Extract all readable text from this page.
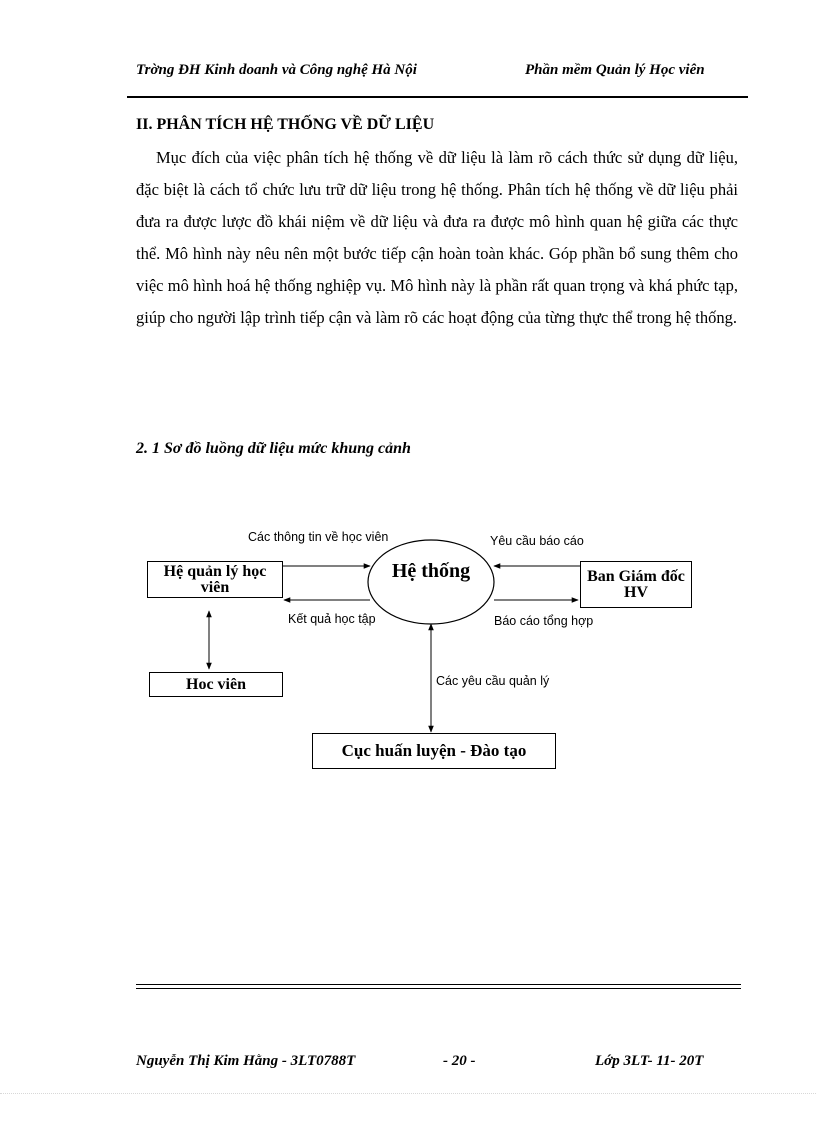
Trờng ĐH Kinh doanh và Công nghệ Hà Nội	Phần mềm Quản lý Học viên
II. PHÂN TÍCH HỆ THỐNG VỀ DỮ LIỆU
Mục đích của việc phân tích hệ thống về dữ liệu là làm rõ cách thức sử dụng dữ liệu, đặc biệt là cách tổ chức lưu trữ dữ liệu trong hệ thống. Phân tích hệ thống về dữ liệu phải đưa ra được lược đồ khái niệm về dữ liệu và đưa ra được mô hình quan hệ giữa các thực thể. Mô hình này nêu nên một bước tiếp cận hoàn toàn khác. Góp phần bổ sung thêm cho việc mô hình hoá hệ thống nghiệp vụ. Mô hình này là phần rất quan trọng và khá phức tạp, giúp cho người lập trình tiếp cận và làm rõ các hoạt động của từng thực thể trong hệ thống.
2. 1 Sơ đồ luồng dữ liệu mức khung cảnh
Hệ thống
Hệ quản lý học viên
Ban Giám đốc HV
Hoc viên
Cục huấn luyện - Đào tạo
Các thông tin về học viên
Kết quả học tập
Yêu cầu báo cáo
Báo cáo tổng hợp
Các yêu cầu quản lý
Nguyễn Thị Kim Hằng - 3LT0788T	- 20 -	Lớp 3LT- 11- 20T
